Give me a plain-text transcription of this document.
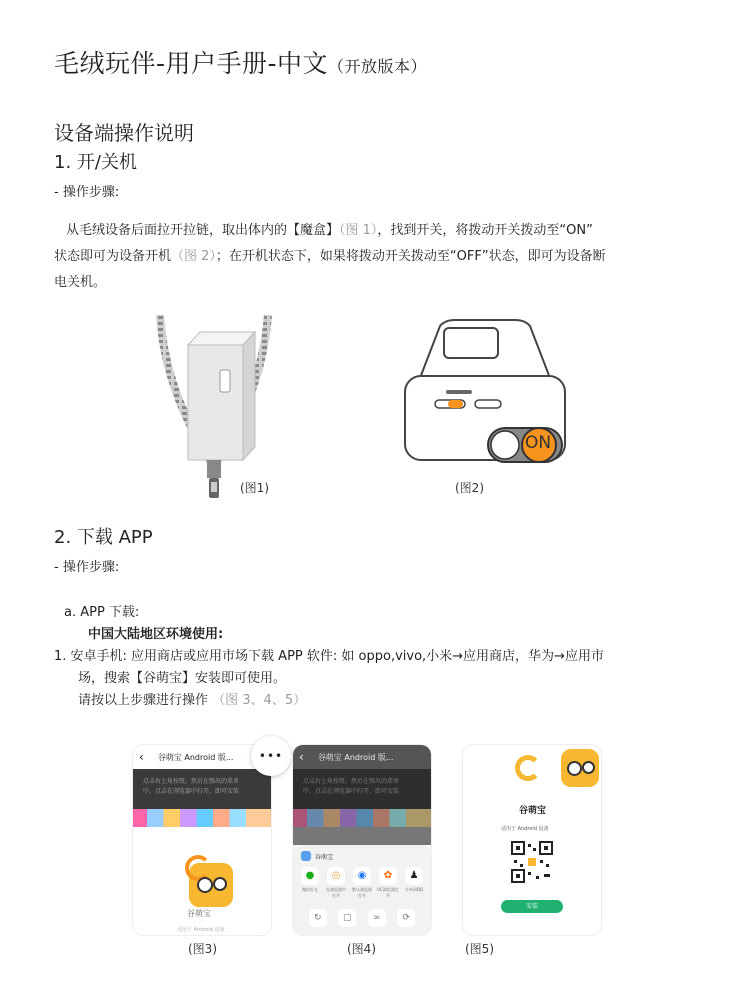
毛绒玩伴-用户手册-中文（开放版本）
设备端操作说明
1. 开/关机
- 操作步骤:
从毛绒设备后面拉开拉链，取出体内的【魔盒】（图 1），找到开关，将拨动开关拨动至“ON”
状态即可为设备开机（图 2）；在开机状态下，如果将拨动开关拨动至“OFF”状态，即可为设备断
电关机。
(图1)
ON
(图2)
2. 下载 APP
- 操作步骤:
a. APP 下载:
中国大陆地区环境使用:
1. 安卓手机: 应用商店或应用市场下载 APP 软件: 如 oppo,vivo,小米→应用商店，华为→应用市
场，搜索【谷萌宝】安装即可使用。
请按以上步骤进行操作 （图 3、4、5）
‹ 谷萌宝 Android 版...
点击右上角按钮，然后在弹出的菜单
中，点击在浏览器中打开，即可安装
谷萌宝
适用于 Android 设备
•••	‹ 谷萌宝 Android 版...
点击右上角按钮，然后在弹出的菜单
中，点击在浏览器中打开，即可安装
谷萌宝
●
微信好友
◎
在浏览器中打开
◉
默认浏览器打开
✿
UC浏览器打开
♟
分享到QQ
↻	▢	∞	⟳
谷萌宝
适用于 Android 设备
安装
(图3)	(图4)	(图5)
